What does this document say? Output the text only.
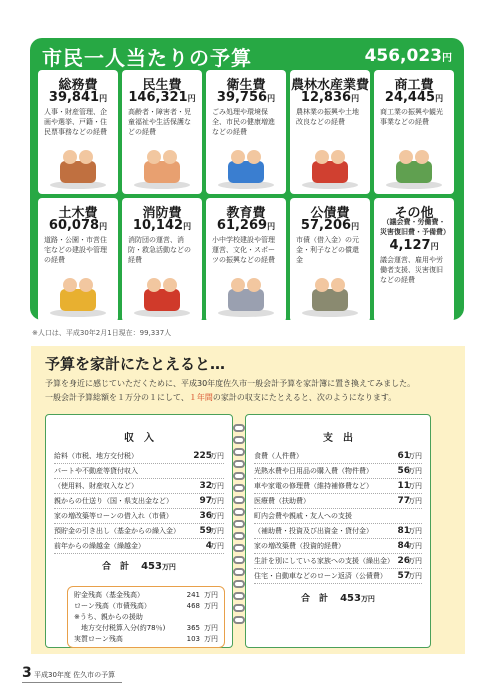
市民一人当たりの予算	456,023円
総務費
39,841円
人事・財産管理、企画や選挙、戸籍・住民票事務などの経費
民生費
146,321円
高齢者・障害者・児童福祉や生活保護などの経費
衛生費
39,756円
ごみ処理や環境保全、市民の健康増進などの経費
農林水産業費
12,836円
農林業の振興や土地改良などの経費
商工費
24,445円
商工業の振興や観光事業などの経費
土木費
60,078円
道路・公園・市営住宅などの建設や管理の経費
消防費
10,142円
消防団の運営、消防・救急活動などの経費
教育費
61,269円
小中学校建設や管理運営、文化・スポーツの振興などの経費
公債費
57,206円
市債（借入金）の元金・利子などの償還金
その他
（議会費・労働費・災害復旧費・予備費）
4,127円
議会運営、雇用や労働者支援、災害復旧などの経費
※人口は、平成30年2月1日現在：99,337人
予算を家計にたとえると…
予算を身近に感じていただくために、平成30年度佐久市一般会計予算を家計簿に置き換えてみました。
一般会計予算総額を１万分の１にして、１年間の家計の収支にたとえると、次のようになります。
収　入
給料（市税、地方交付税）	225
万円
パートや不動産等貸付収入
（使用料、財産収入など）	32
万円
親からの仕送り（国・県支出金など）	97
万円
家の増改築等ローンの借入れ（市債）	36
万円
預貯金の引き出し（基金からの繰入金） 59
万円
前年からの繰越金（繰越金）	4
万円
合　計 453万円
支　出
食費（人件費）	61
万円
光熱水費や日用品の購入費（物件費）	56
万円
車や家電の修理費（維持補修費など）	11
万円
医療費（扶助費）	77
万円
町内会費や親戚・友人への支援
（補助費・投資及び出資金・貸付金）	81
万円
家の増改築費（投資的経費）	84
万円
生計を別にしている家族への支援（繰出金） 26
万円
住宅・自動車などのローン返済（公債費） 57
万円
合　計 453万円
貯金残高（基金残高）	241 万円
ローン残高（市債残高）	468 万円
※うち、親からの援助
　地方交付税算入分(約78％)	365 万円
実質ローン残高	103 万円
3 平成30年度 佐久市の予算
